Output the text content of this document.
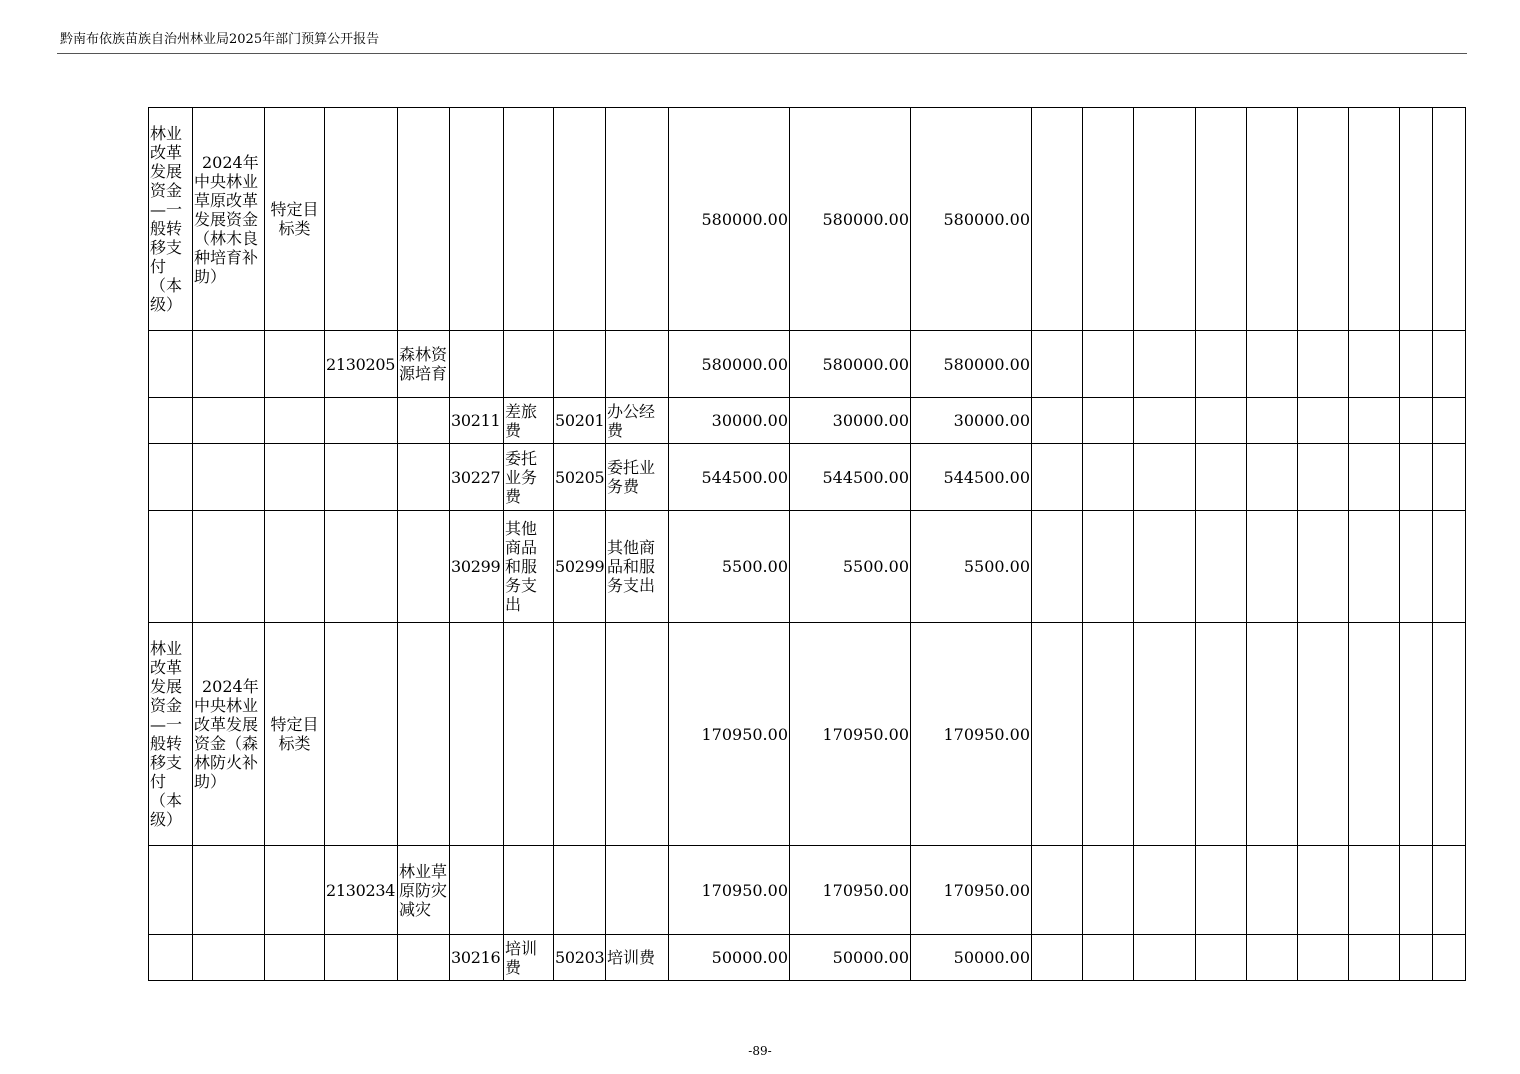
黔南布依族苗族自治州林业局2025年部门预算公开报告
林业改革发展资金—一般转移支付（本级）	2024年中央林业草原改革发展资金（林木良种培育补助）	特定目标类							580000.00	580000.00	580000.00									
			2130205	森林资源培育					580000.00	580000.00	580000.00									
					30211	差旅费	50201	办公经费	30000.00	30000.00	30000.00									
					30227	委托业务费	50205	委托业务费	544500.00	544500.00	544500.00									
					30299	其他商品和服务支出	50299	其他商品和服务支出	5500.00	5500.00	5500.00									
林业改革发展资金—一般转移支付（本级）	2024年中央林业改革发展资金（森林防火补助）	特定目标类							170950.00	170950.00	170950.00									
			2130234	林业草原防灾减灾					170950.00	170950.00	170950.00									
					30216	培训费	50203	培训费	50000.00	50000.00	50000.00									
-89-
